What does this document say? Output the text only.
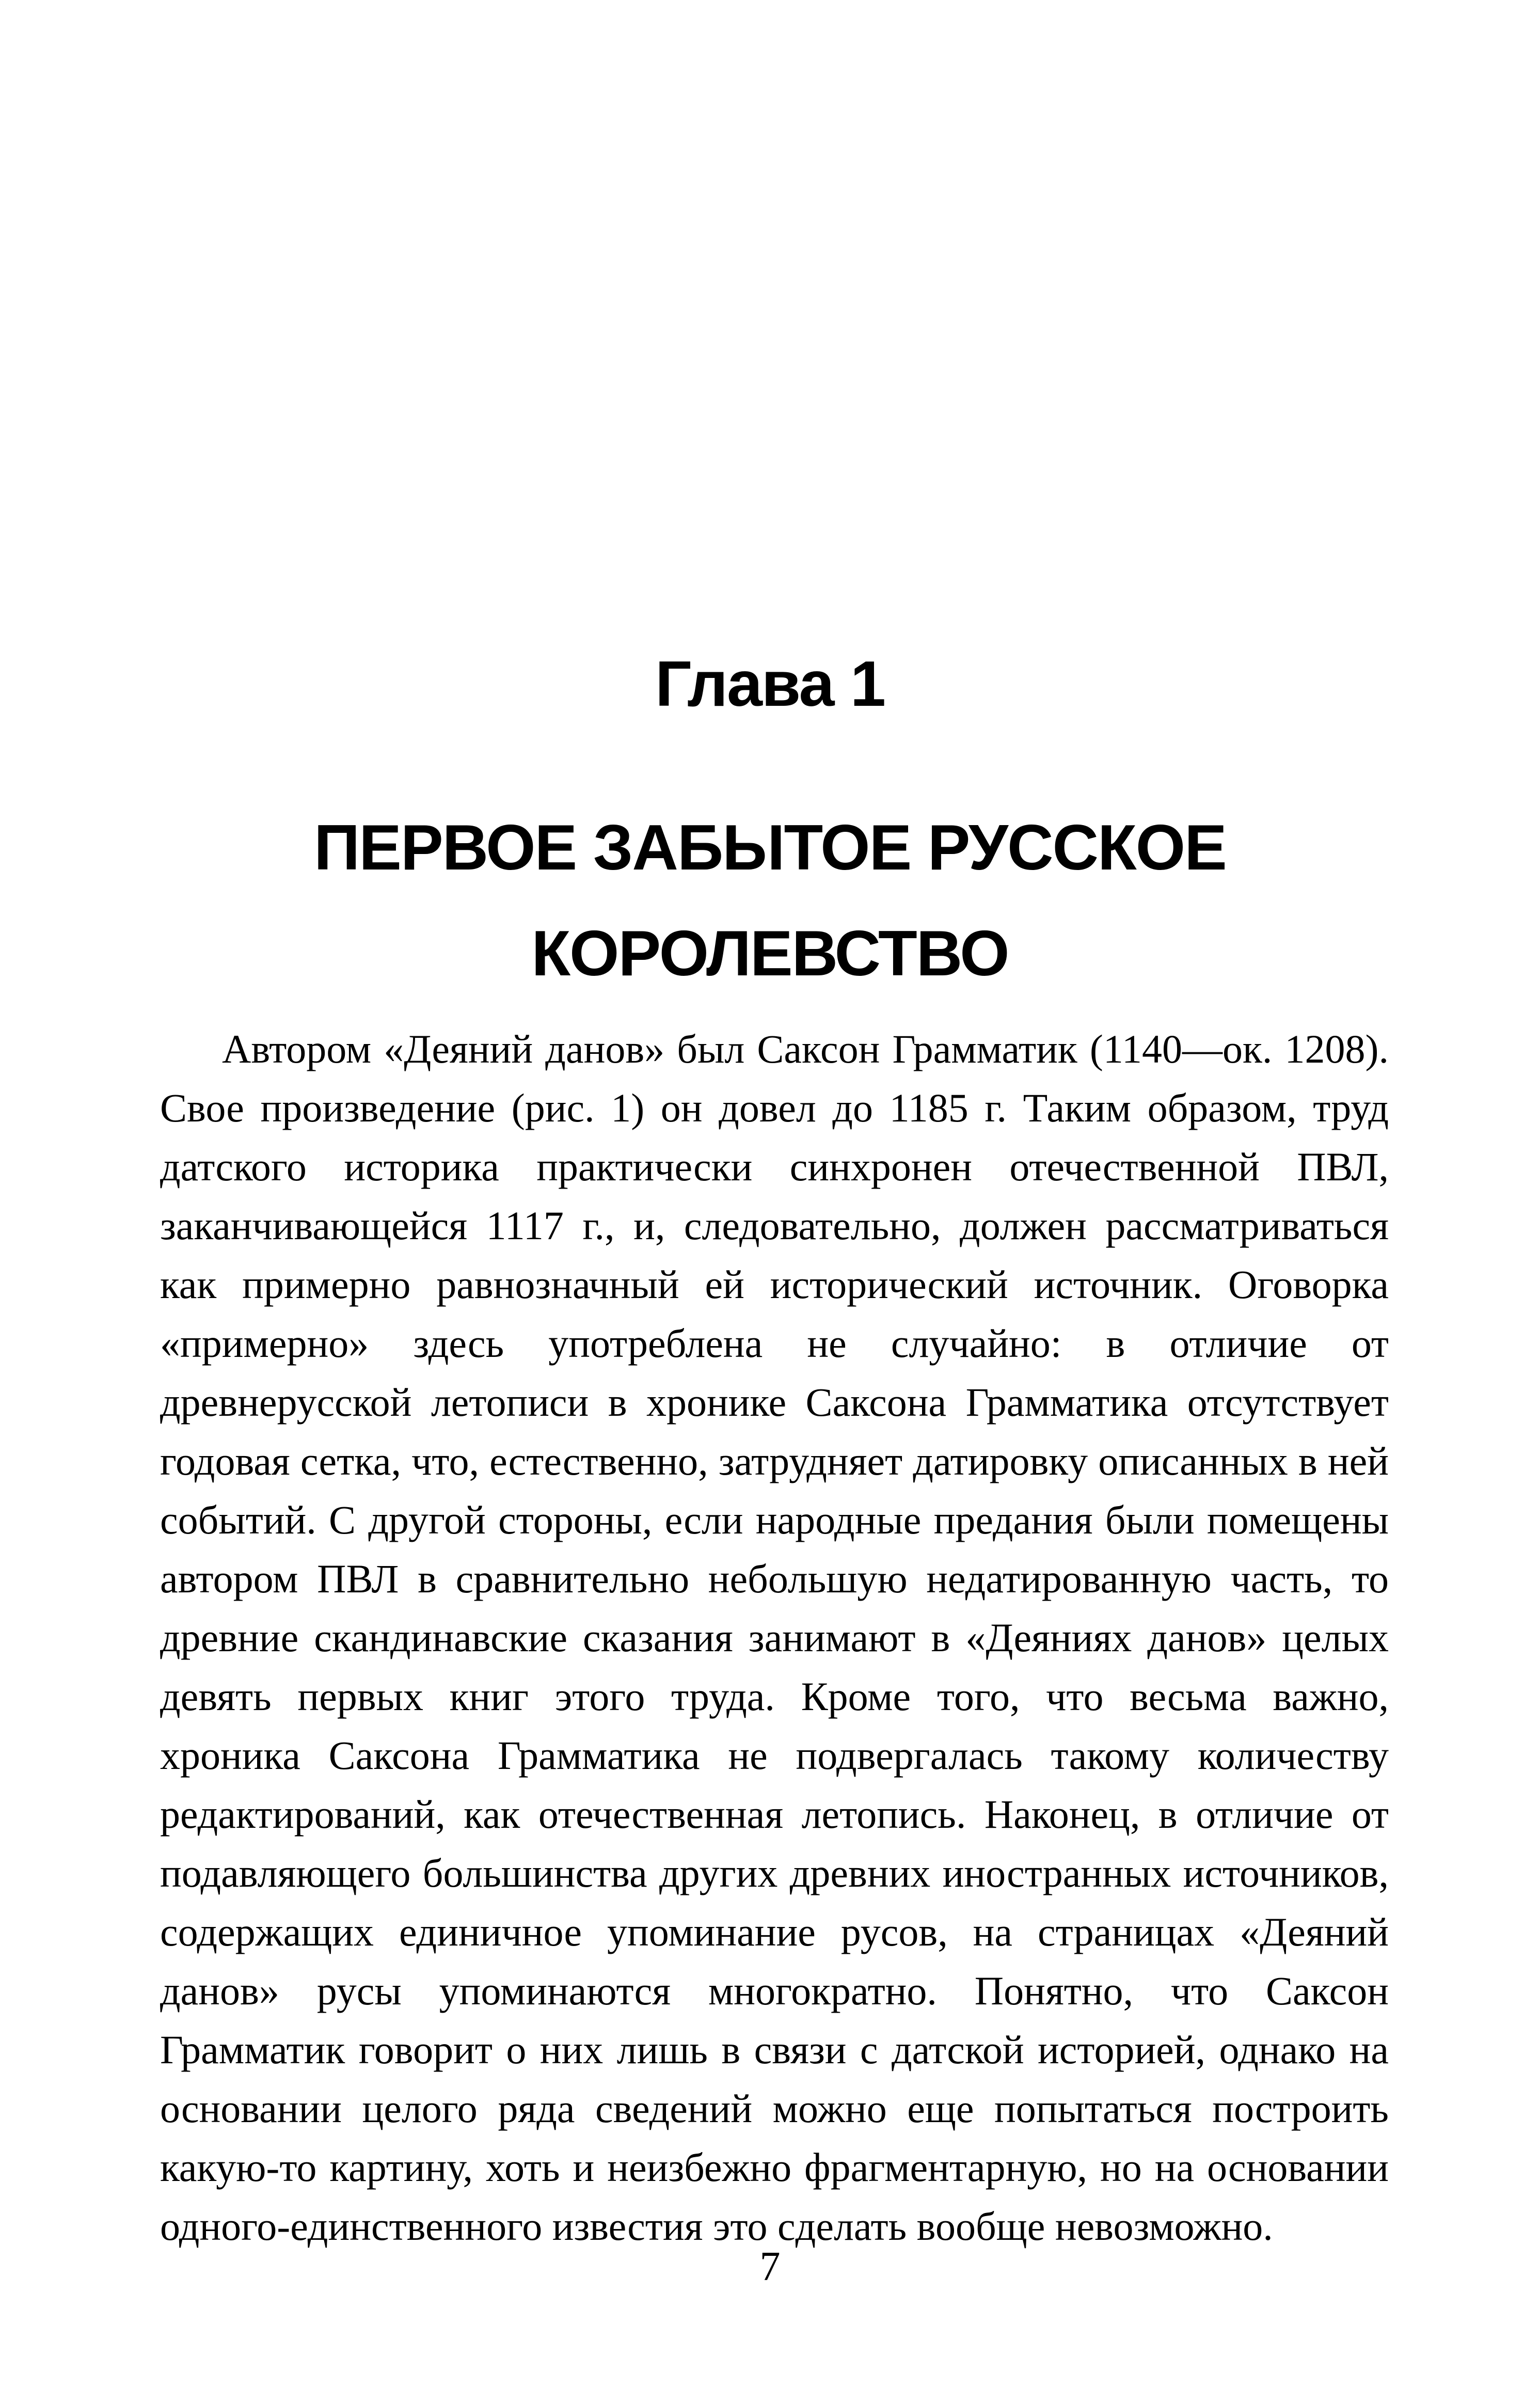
Глава 1
ПЕРВОЕ ЗАБЫТОЕ РУССКОЕ
КОРОЛЕВСТВО

Автором «Деяний данов» был Саксон Грамматик (1140—ок. 1208). Свое произведение (рис. 1) он довел до 1185 г. Таким образом, труд датского историка практически синхронен отечественной ПВЛ, заканчивающейся 1117 г., и, следовательно, должен рассматриваться как примерно равнозначный ей исторический источник. Оговорка «примерно» здесь употреблена не случайно: в отличие от древнерусской летописи в хронике Саксона Грамматика отсутствует годовая сетка, что, естественно, затрудняет датировку описанных в ней событий. С другой стороны, если народные предания были помещены автором ПВЛ в сравнительно небольшую недатированную часть, то древние скандинавские сказания занимают в «Деяниях данов» целых девять первых книг этого труда. Кроме того, что весьма важно, хроника Саксона Грамматика не подвергалась такому количеству редактирований, как отечественная летопись. Наконец, в отличие от подавляющего большинства других древних иностранных источников, содержащих единичное упоминание русов, на страницах «Деяний данов» русы упоминаются многократно. Понятно, что Саксон Грамматик говорит о них лишь в связи с датской историей, однако на основании целого ряда сведений можно еще попытаться построить какую-то картину, хоть и неизбежно фрагментарную, но на основании одного-единственного известия это сделать вообще невозможно.

7
